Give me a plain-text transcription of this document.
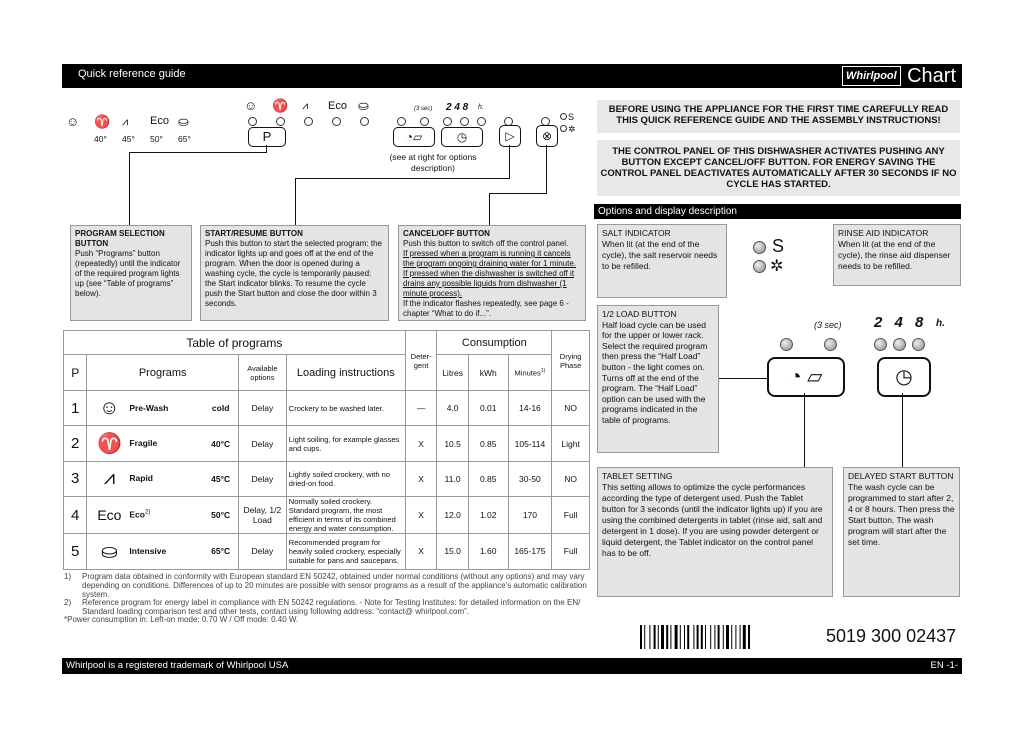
Quick reference guide	Whirlpool Chart
☺ ♈ ⩘ Eco ⛀
40° 45° 50° 65°
☺ ♈ ⩘ Eco ⛀
P
(3 sec) 2 4 8 h.
◔▱	◷	▷	⊗
S
✲
(see at right for options description)
BEFORE USING THE APPLIANCE FOR THE FIRST TIME CAREFULLY READ THIS QUICK REFERENCE GUIDE AND THE ASSEMBLY INSTRUCTIONS!
THE CONTROL PANEL OF THIS DISHWASHER ACTIVATES PUSHING ANY BUTTON EXCEPT CANCEL/OFF BUTTON. FOR ENERGY SAVING THE CONTROL PANEL DEACTIVATES AUTOMATICALLY AFTER 30 SECONDS IF NO CYCLE HAS STARTED.
Options and display description
PROGRAM SELECTION BUTTON
Push “Programs” button (repeatedly) until the indicator of the required program lights up (see “Table of programs” below).
START/RESUME BUTTON
Push this button to start the selected program: the indicator lights up and goes off at the end of the program. When the door is opened during a washing cycle, the cycle is temporarily paused: the Start indicator blinks. To resume the cycle push the Start button and close the door within 3 seconds.
CANCEL/OFF BUTTON
Push this button to switch off the control panel.
If pressed when a program is running it cancels the program ongoing draining water for 1 minute.
If pressed when the dishwasher is switched off it drains any possible liquids from dishwasher (1 minute process).
If the indicator flashes repeatedly, see page 6 - chapter “What to do if...”.
SALT INDICATOR
When lit (at the end of the cycle), the salt reservoir needs to be refilled.
S
✲
RINSE AID INDICATOR
When lit (at the end of the cycle), the rinse aid dispenser needs to be refilled.
1/2 LOAD BUTTON
Half load cycle can be used for the upper or lower rack. Select the required program then press the “Half Load” button - the light comes on. Turns off at the end of the program. The “Half Load” option can be used with the programs indicated in the table of programs.
(3 sec) 2 4 8 h.
◔ ▱	◷
TABLET SETTING
This setting allows to optimize the cycle performances according the type of detergent used. Push the Tablet button for 3 seconds (until the indicator lights up) if you are using the combined detergents in tablet (rinse aid, salt and detergent in 1 dose). If you are using powder detergent or liquid detergent, the Tablet indicator on the control panel has to be off.
DELAYED START BUTTON
The wash cycle can be programmed to start after 2, 4 or 8 hours. Then press the Start button. The wash program will start after the set time.
Table of programs					Deter-gent	Consumption			Drying Phase
P	Programs		Available options	Loading instructions		Litres	kWh	Minutes$^{1)}$
1	☺ Pre-Wash	cold	Delay	Crockery to be washed later.	—	4.0	0.01	14-16	NO
2	♈ Fragile	40°C	Delay	Light soiling, for example glasses and cups.	X	10.5	0.85	105-114	Light
3	⩘ Rapid	45°C	Delay	Lightly soiled crockery, with no dried-on food.	X	11.0	0.85	30-50	NO
4	Eco Eco$^{2)}$	50°C	Delay, 1/2 Load	Normally soiled crockery. Standard program, the most efficient in terms of its combined energy and water consumption.	X	12.0	1.02	170	Full
5	⛀ Intensive	65°C	Delay	Recommended program for heavily soiled crockery, especially suitable for pans and saucepans.	X	15.0	1.60	165-175	Full
1)	Program data obtained in conformity with European standard EN 50242, obtained under normal conditions (without any options) and may vary depending on conditions. Differences of up to 20 minutes are possible with sensor programs as a result of the appliance's automatic calibration system.
2)	Reference program for energy label in compliance with EN 50242 regulations. - Note for Testing Institutes: for detailed information on the EN/ Standard loading comparison test and other tests, contact using following address: “contact@ whirlpool.com”.
*Power consumption in: Left-on mode: 0.70 W / Off mode: 0.40 W.
5019 300 02437
Whirlpool is a registered trademark of Whirlpool USA	EN -1-
